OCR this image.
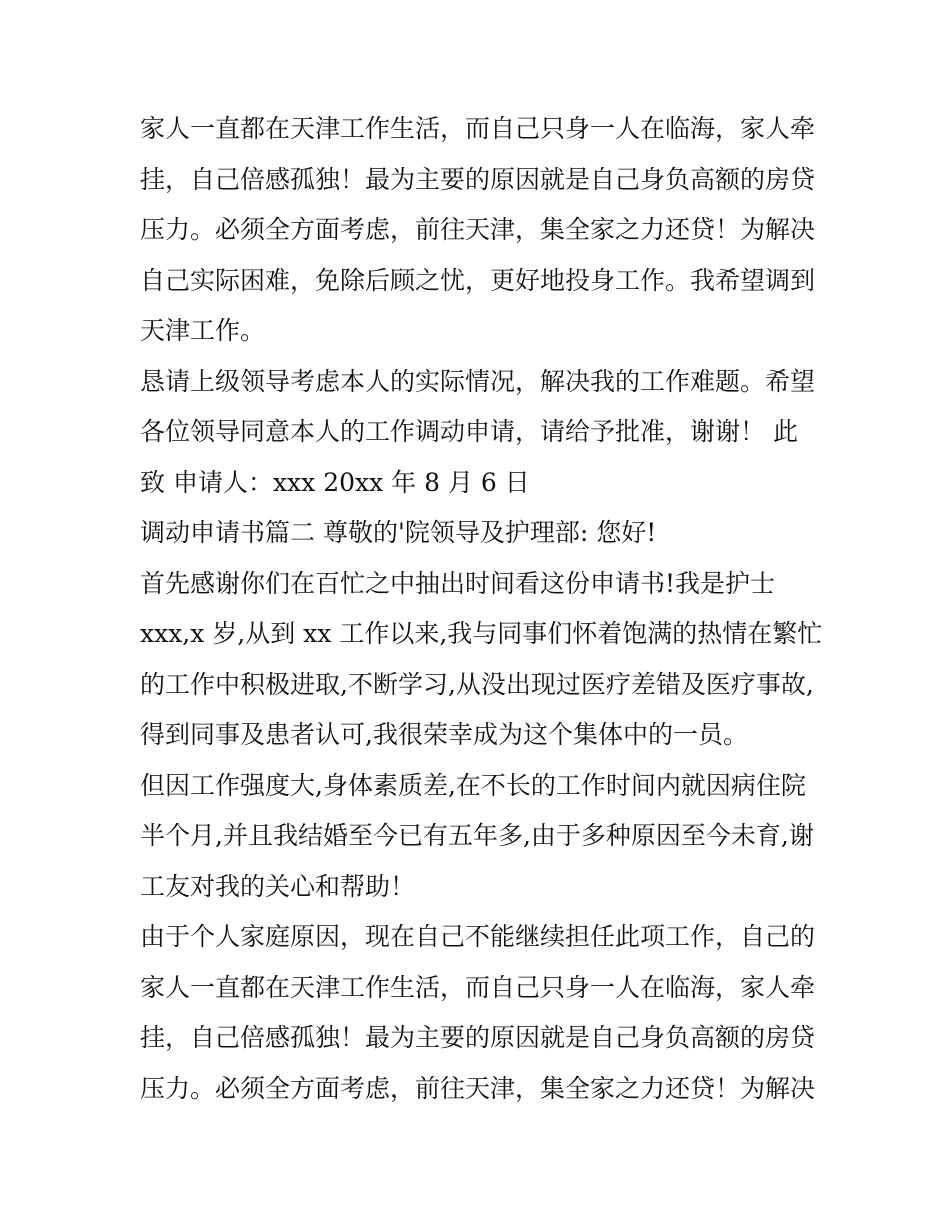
家人一直都在天津工作生活，而自己只身一人在临海，家人牵
挂，自己倍感孤独！最为主要的原因就是自己身负高额的房贷
压力。必须全方面考虑，前往天津，集全家之力还贷！为解决
自己实际困难，免除后顾之忧，更好地投身工作。我希望调到
天津工作。
恳请上级领导考虑本人的实际情况，解决我的工作难题。希望
各位领导同意本人的工作调动申请，请给予批准，谢谢！ 此
致 申请人：xxx 20xx 年 8 月 6 日
调动申请书篇二 尊敬的'院领导及护理部: 您好!
首先感谢你们在百忙之中抽出时间看这份申请书!我是护士
xxx,x 岁,从到 xx 工作以来,我与同事们怀着饱满的热情在繁忙
的工作中积极进取,不断学习,从没出现过医疗差错及医疗事故,
得到同事及患者认可,我很荣幸成为这个集体中的一员。
但因工作强度大,身体素质差,在不长的工作时间内就因病住院
半个月,并且我结婚至今已有五年多,由于多种原因至今未育,谢
工友对我的关心和帮助！
由于个人家庭原因，现在自己不能继续担任此项工作，自己的
家人一直都在天津工作生活，而自己只身一人在临海，家人牵
挂，自己倍感孤独！最为主要的原因就是自己身负高额的房贷
压力。必须全方面考虑，前往天津，集全家之力还贷！为解决
